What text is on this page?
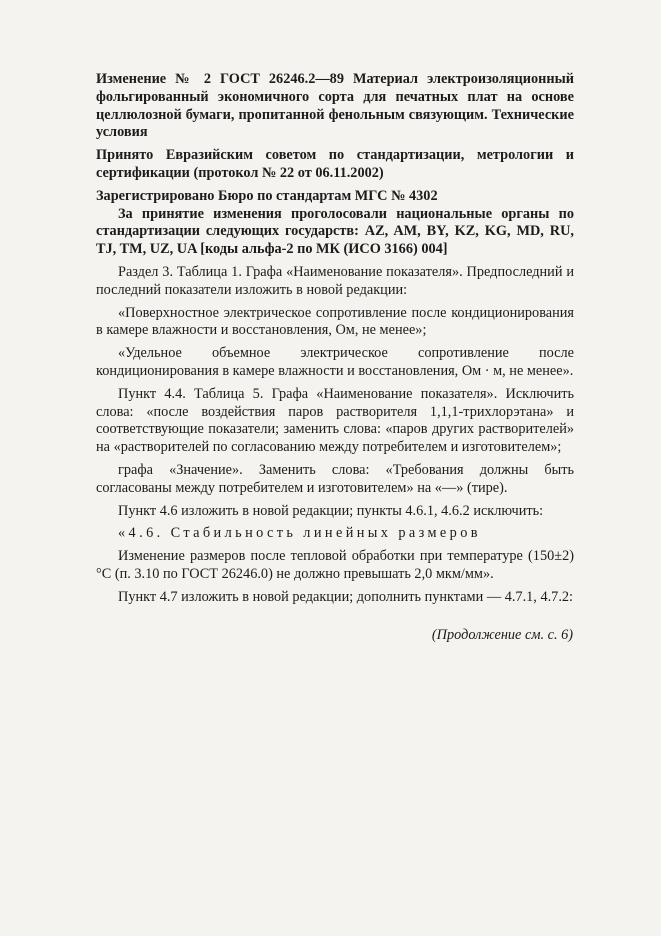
Изменение № 2 ГОСТ 26246.2—89 Материал электроизоляционный фольгированный экономичного сорта для печатных плат на основе целлюлозной бумаги, пропитанной фенольным связующим. Технические условия

Принято Евразийским советом по стандартизации, метрологии и сертификации (протокол № 22 от 06.11.2002)

Зарегистрировано Бюро по стандартам МГС № 4302

За принятие изменения проголосовали национальные органы по стандартизации следующих государств: AZ, AM, BY, KZ, KG, MD, RU, TJ, TM, UZ, UA [коды альфа-2 по МК (ИСО 3166) 004]

Раздел 3. Таблица 1. Графа «Наименование показателя». Предпоследний и последний показатели изложить в новой редакции:

«Поверхностное электрическое сопротивление после кондиционирования в камере влажности и восстановления, Ом, не менее»;

«Удельное объемное электрическое сопротивление после кондиционирования в камере влажности и восстановления, Ом · м, не менее».

Пункт 4.4. Таблица 5. Графа «Наименование показателя». Исключить слова: «после воздействия паров растворителя 1,1,1-трихлорэтана» и соответствующие показатели; заменить слова: «паров других растворителей» на «растворителей по согласованию между потребителем и изготовителем»;

графа «Значение». Заменить слова: «Требования должны быть согласованы между потребителем и изготовителем» на «—» (тире).

Пункт 4.6 изложить в новой редакции; пункты 4.6.1, 4.6.2 исключить:

«4.6. Стабильность линейных размеров

Изменение размеров после тепловой обработки при температуре (150±2) °С (п. 3.10 по ГОСТ 26246.0) не должно превышать 2,0 мкм/мм».

Пункт 4.7 изложить в новой редакции; дополнить пунктами — 4.7.1, 4.7.2:

(Продолжение см. с. 6)
